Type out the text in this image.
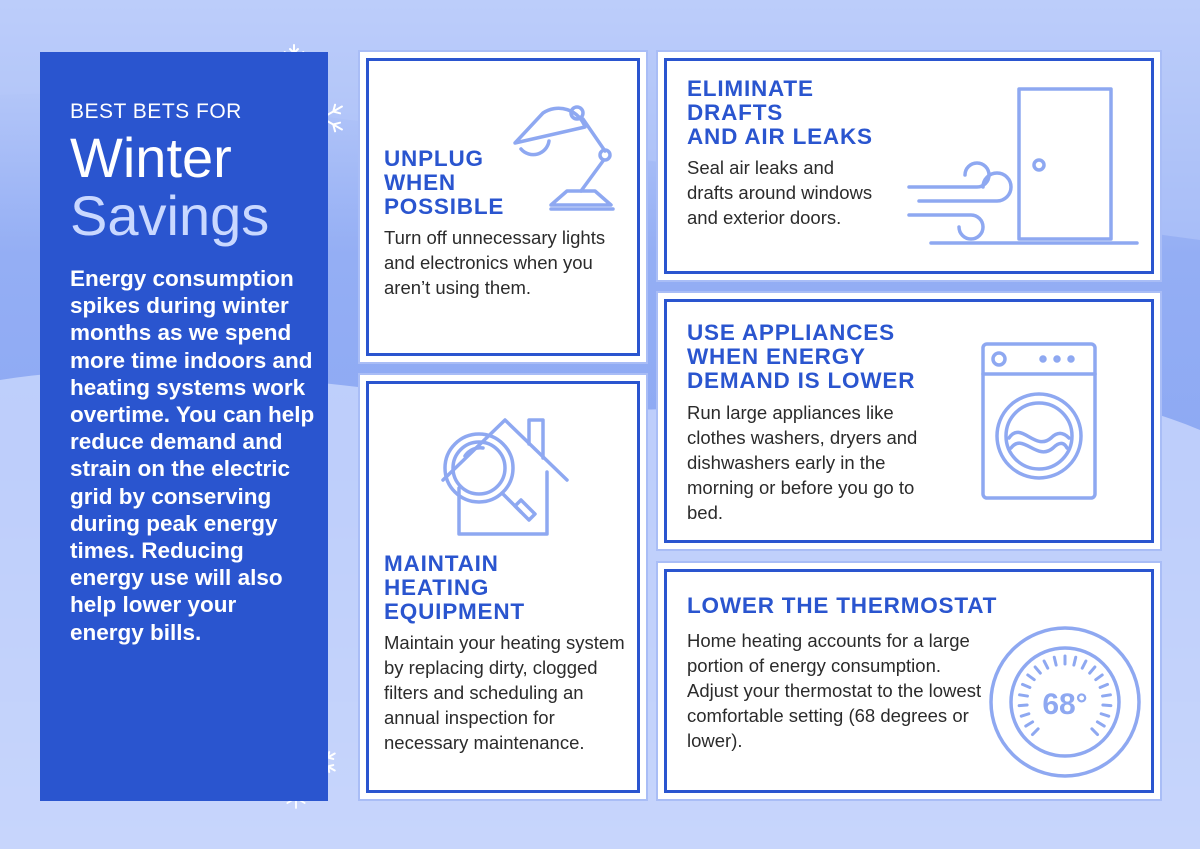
BEST BETS FOR
Winter
Savings
Energy consumption spikes during winter months as we spend more time indoors and heating systems work overtime. You can help reduce demand and strain on the electric grid by conserving during peak energy times. Reducing energy use will also help lower your energy bills.
UNPLUG
WHEN
POSSIBLE
Turn off unnecessary lights and electronics when you aren’t using them.
MAINTAIN
HEATING
EQUIPMENT
Maintain your heating system by replacing dirty, clogged filters and scheduling an annual inspection for necessary maintenance.
ELIMINATE
DRAFTS
AND AIR LEAKS
Seal air leaks and drafts around windows and exterior doors.
USE APPLIANCES
WHEN ENERGY
DEMAND IS LOWER
Run large appliances like clothes washers, dryers and dishwashers early in the morning or before you go to bed.
68°
LOWER THE THERMOSTAT
Home heating accounts for a large portion of energy consumption. Adjust your thermostat to the lowest comfortable setting (68 degrees or lower).
